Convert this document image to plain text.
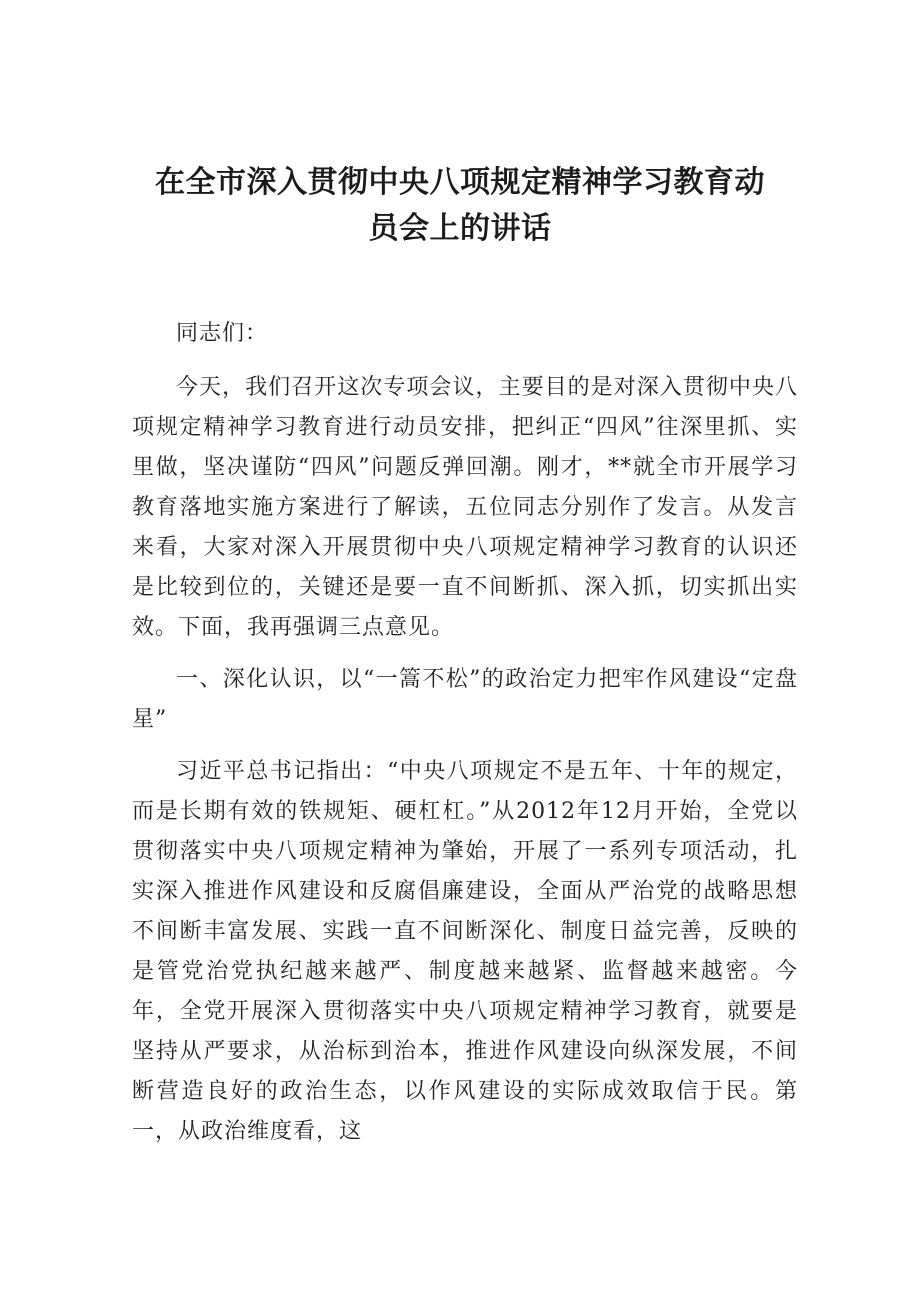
在全市深入贯彻中央八项规定精神学习教育动
员会上的讲话

同志们：

今天，我们召开这次专项会议，主要目的是对深入贯彻中央八项规定精神学习教育进行动员安排，把纠正“四风”往深里抓、实里做，坚决谨防“四风”问题反弹回潮。刚才，**就全市开展学习教育落地实施方案进行了解读，五位同志分别作了发言。从发言来看，大家对深入开展贯彻中央八项规定精神学习教育的认识还是比较到位的，关键还是要一直不间断抓、深入抓，切实抓出实效。下面，我再强调三点意见。

一、深化认识，以“一篙不松”的政治定力把牢作风建设“定盘星”

习近平总书记指出：“中央八项规定不是五年、十年的规定，而是长期有效的铁规矩、硬杠杠。”从2012年12月开始，全党以贯彻落实中央八项规定精神为肇始，开展了一系列专项活动，扎实深入推进作风建设和反腐倡廉建设，全面从严治党的战略思想不间断丰富发展、实践一直不间断深化、制度日益完善，反映的是管党治党执纪越来越严、制度越来越紧、监督越来越密。今年，全党开展深入贯彻落实中央八项规定精神学习教育，就要是坚持从严要求，从治标到治本，推进作风建设向纵深发展，不间断营造良好的政治生态，以作风建设的实际成效取信于民。第一，从政治维度看，这
